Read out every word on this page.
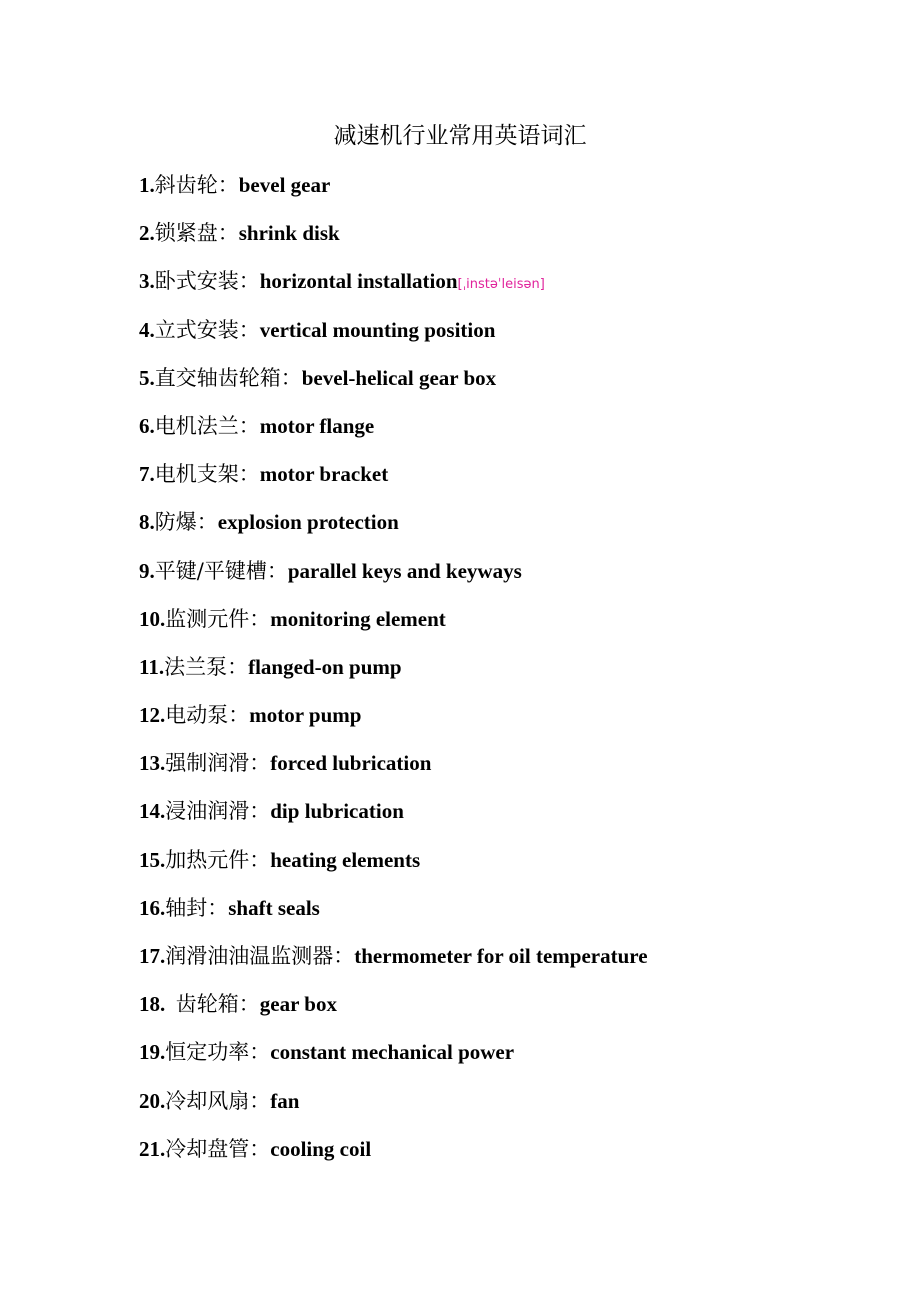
减速机行业常用英语词汇
1.斜齿轮：bevel gear
2.锁紧盘：shrink disk
3.卧式安装：horizontal installation[ˌinstəˈleisən]
4.立式安装：vertical mounting position
5.直交轴齿轮箱：bevel-helical gear box
6.电机法兰：motor flange
7.电机支架：motor bracket
8.防爆：explosion protection
9.平键/平键槽：parallel keys and keyways
10.监测元件：monitoring element
11.法兰泵：flanged-on pump
12.电动泵：motor pump
13.强制润滑：forced lubrication
14.浸油润滑：dip lubrication
15.加热元件：heating elements
16.轴封：shaft seals
17.润滑油油温监测器：thermometer for oil temperature
18.  齿轮箱：gear box
19.恒定功率：constant mechanical power
20.冷却风扇：fan
21.冷却盘管：cooling coil
